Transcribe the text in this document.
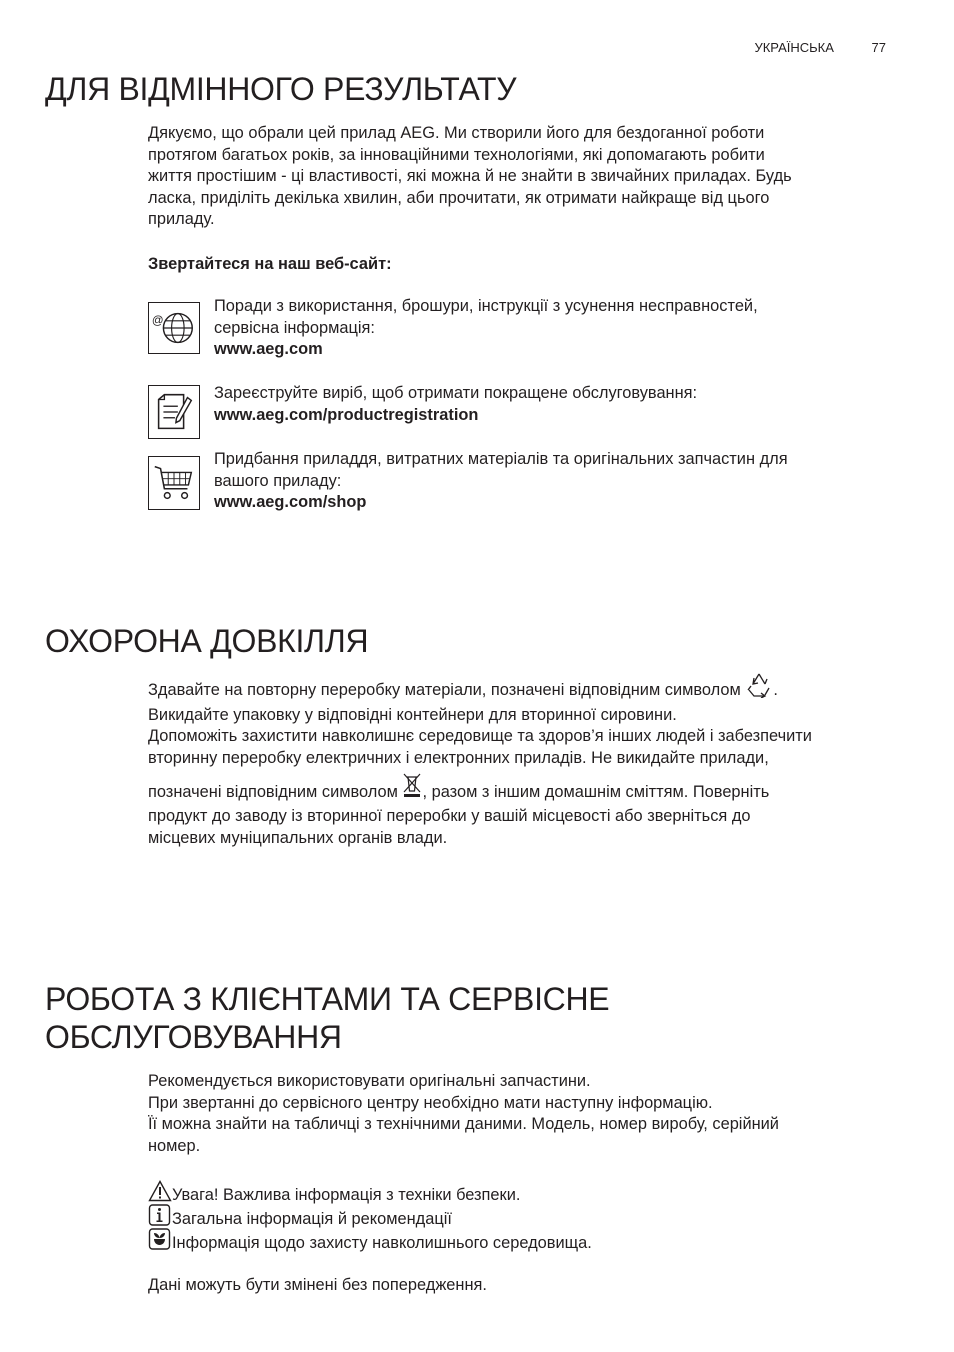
УКРАЇНСЬКА	77
ДЛЯ ВІДМІННОГО РЕЗУЛЬТАТУ

Дякуємо, що обрали цей прилад AEG. Ми створили його для бездоганної роботи

протягом багатьох років, за інноваційними технологіями, які допомагають робити

життя простішим - ці властивості, які можна й не знайти в звичайних приладах. Будь

ласка, приділіть декілька хвилин, аби прочитати, як отримати найкраще від цього

приладу.

Звертайтеся на наш веб-сайт:
@
Поради з використання, брошури, інструкції з усунення несправностей,
сервісна інформація:
www.aeg.com
Зареєструйте виріб, щоб отримати покращене обслуговування:
www.aeg.com/productregistration
Придбання приладдя, витратних матеріалів та оригінальних запчастин для
вашого приладу:
www.aeg.com/shop
ОХОРОНА ДОВКІЛЛЯ
Здавайте на повторну переробку матеріали, позначені відповідним символом .
Викидайте упаковку у відповідні контейнери для вторинної сировини.
Допоможіть захистити навколишнє середовище та здоров’я інших людей і забезпечити
вторинну переробку електричних і електронних приладів. Не викидайте прилади,
позначені відповідним символом , разом з іншим домашнім сміттям. Поверніть
продукт до заводу із вторинної переробки у вашій місцевості або зверніться до
місцевих муніципальних органів влади.
РОБОТА З КЛІЄНТАМИ ТА СЕРВІСНЕ
ОБСЛУГОВУВАННЯ
Рекомендується використовувати оригінальні запчастини.
При звертанні до сервісного центру необхідно мати наступну інформацію.
Її можна знайти на табличці з технічними даними. Модель, номер виробу, серійний
номер.
Увага! Важлива інформація з техніки безпеки.
Загальна інформація й рекомендації
Інформація щодо захисту навколишнього середовища.
Дані можуть бути змінені без попередження.
